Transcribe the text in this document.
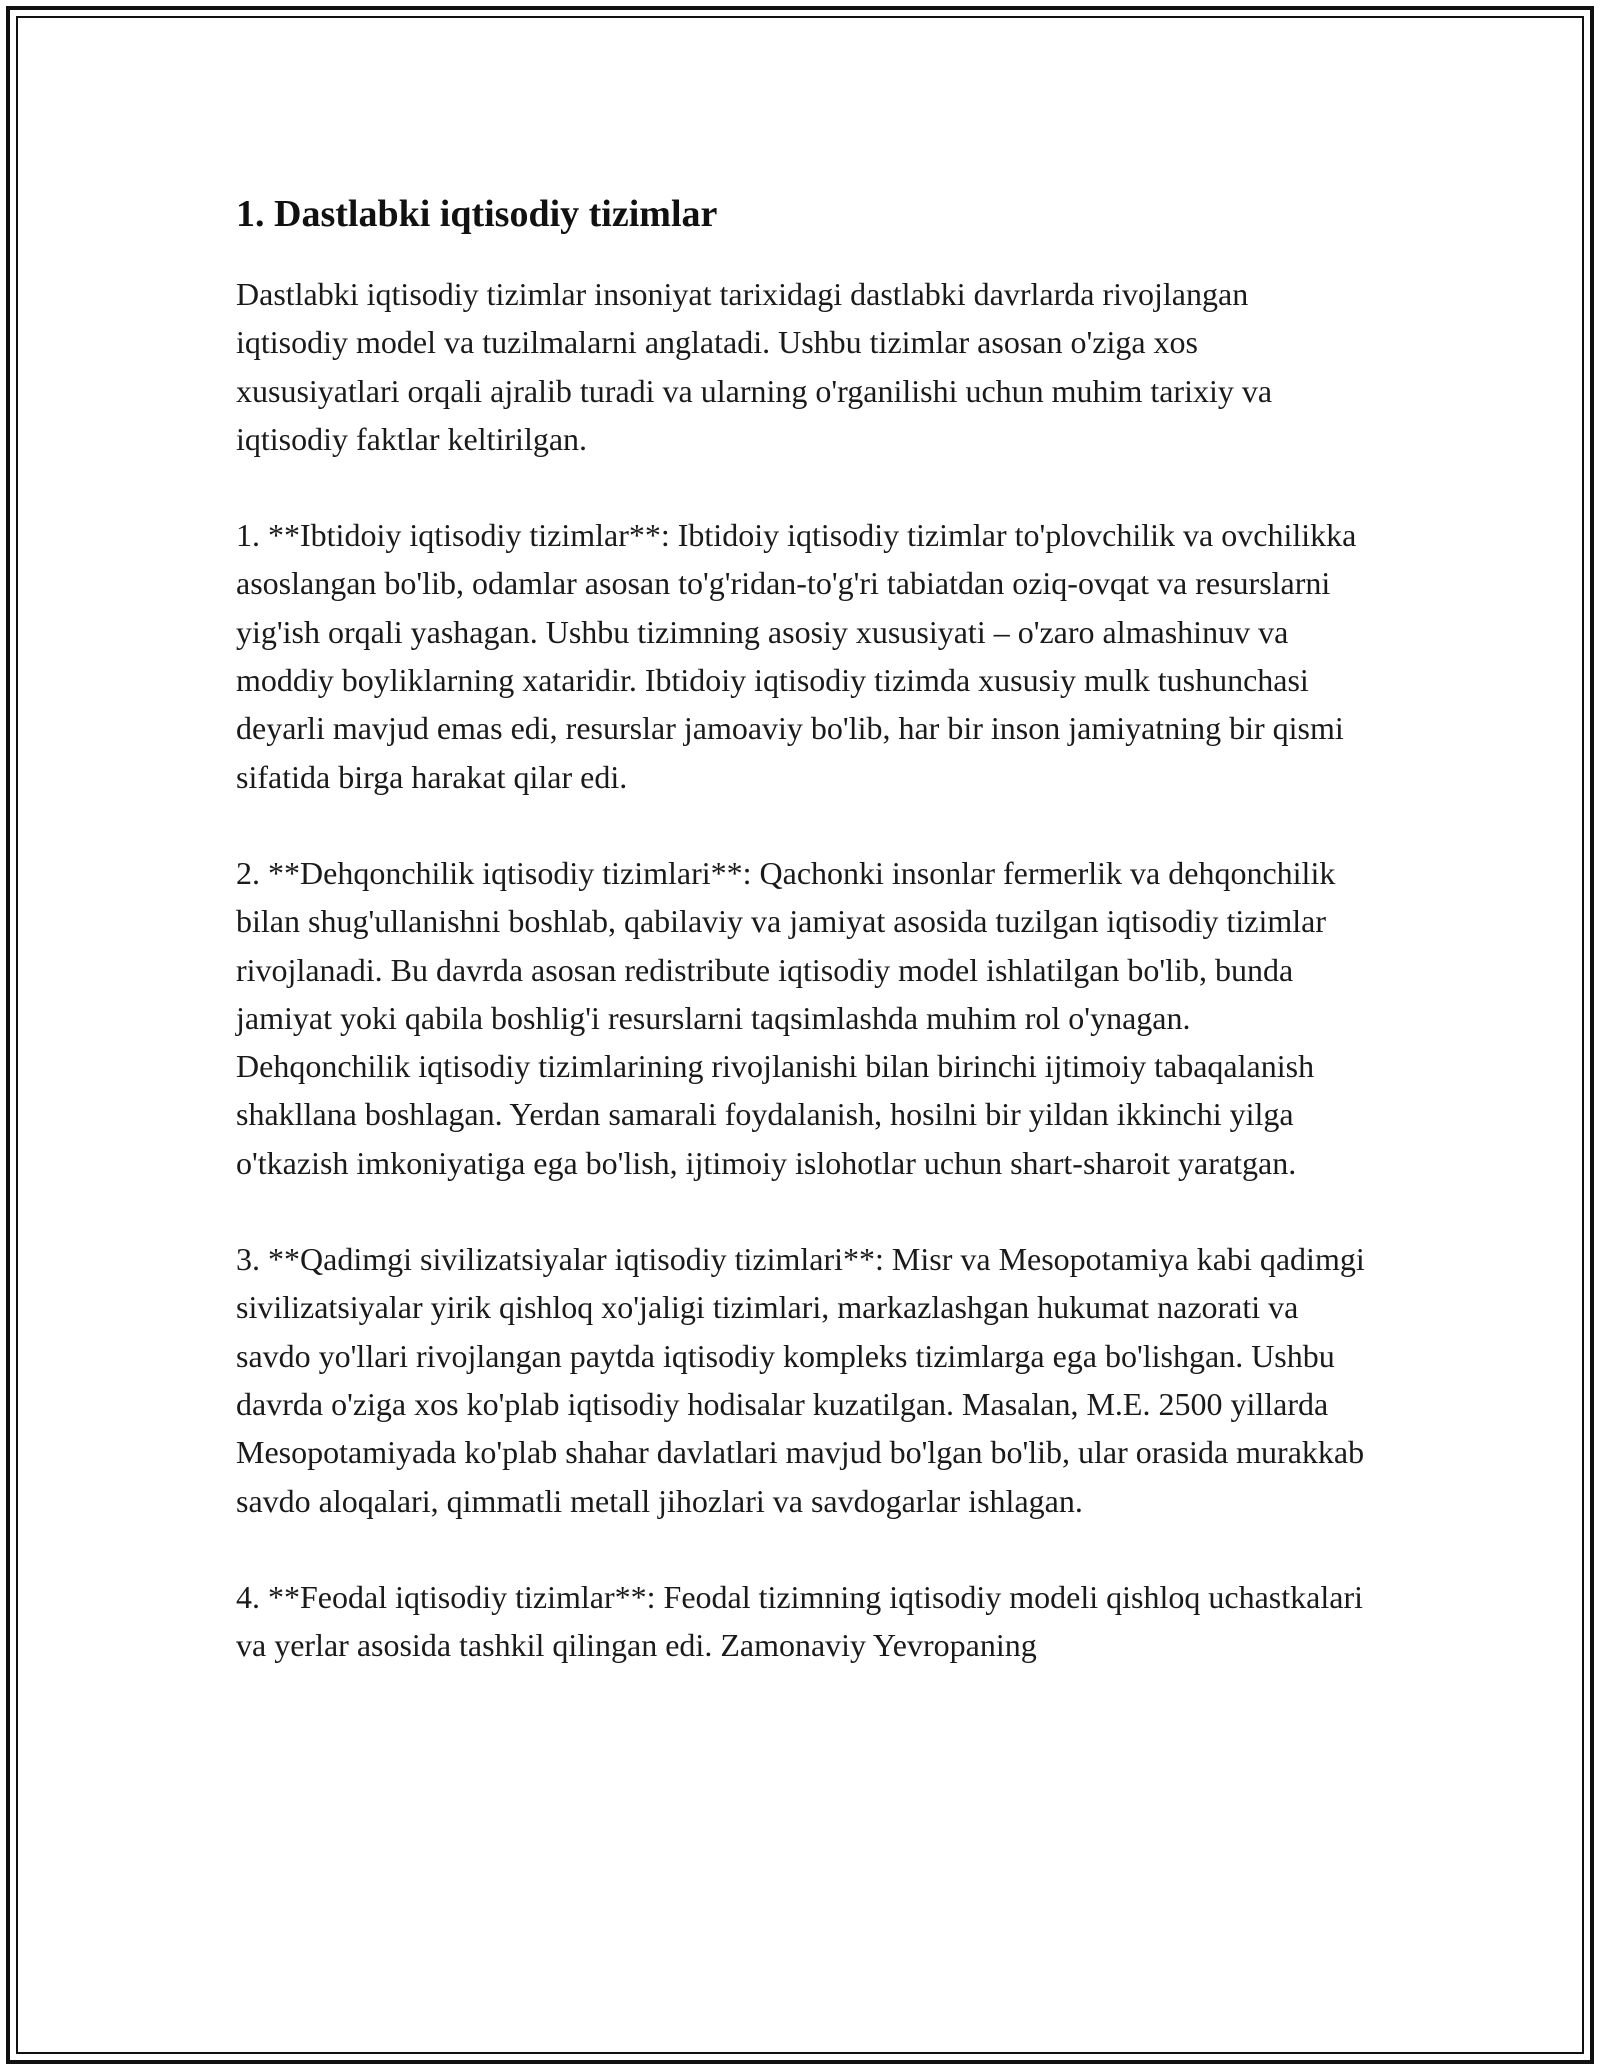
1. Dastlabki iqtisodiy tizimlar

Dastlabki iqtisodiy tizimlar insoniyat tarixidagi dastlabki davrlarda rivojlangan iqtisodiy model va tuzilmalarni anglatadi. Ushbu tizimlar asosan o'ziga xos xususiyatlari orqali ajralib turadi va ularning o'rganilishi uchun muhim tarixiy va iqtisodiy faktlar keltirilgan.

1. **Ibtidoiy iqtisodiy tizimlar**: Ibtidoiy iqtisodiy tizimlar to'plovchilik va ovchilikka asoslangan bo'lib, odamlar asosan to'g'ridan-to'g'ri tabiatdan oziq-ovqat va resurslarni yig'ish orqali yashagan. Ushbu tizimning asosiy xususiyati – o'zaro almashinuv va moddiy boyliklarning xataridir. Ibtidoiy iqtisodiy tizimda xususiy mulk tushunchasi deyarli mavjud emas edi, resurslar jamoaviy bo'lib, har bir inson jamiyatning bir qismi sifatida birga harakat qilar edi.

2. **Dehqonchilik iqtisodiy tizimlari**: Qachonki insonlar fermerlik va dehqonchilik bilan shug'ullanishni boshlab, qabilaviy va jamiyat asosida tuzilgan iqtisodiy tizimlar rivojlanadi. Bu davrda asosan redistribute iqtisodiy model ishlatilgan bo'lib, bunda jamiyat yoki qabila boshlig'i resurslarni taqsimlashda muhim rol o'ynagan. Dehqonchilik iqtisodiy tizimlarining rivojlanishi bilan birinchi ijtimoiy tabaqalanish shakllana boshlagan. Yerdan samarali foydalanish, hosilni bir yildan ikkinchi yilga o'tkazish imkoniyatiga ega bo'lish, ijtimoiy islohotlar uchun shart-sharoit yaratgan.

3. **Qadimgi sivilizatsiyalar iqtisodiy tizimlari**: Misr va Mesopotamiya kabi qadimgi sivilizatsiyalar yirik qishloq xo'jaligi tizimlari, markazlashgan hukumat nazorati va savdo yo'llari rivojlangan paytda iqtisodiy kompleks tizimlarga ega bo'lishgan. Ushbu davrda o'ziga xos ko'plab iqtisodiy hodisalar kuzatilgan. Masalan, M.E. 2500 yillarda Mesopotamiyada ko'plab shahar davlatlari mavjud bo'lgan bo'lib, ular orasida murakkab savdo aloqalari, qimmatli metall jihozlari va savdogarlar ishlagan.

4. **Feodal iqtisodiy tizimlar**: Feodal tizimning iqtisodiy modeli qishloq uchastkalari va yerlar asosida tashkil qilingan edi. Zamonaviy Yevropaning
